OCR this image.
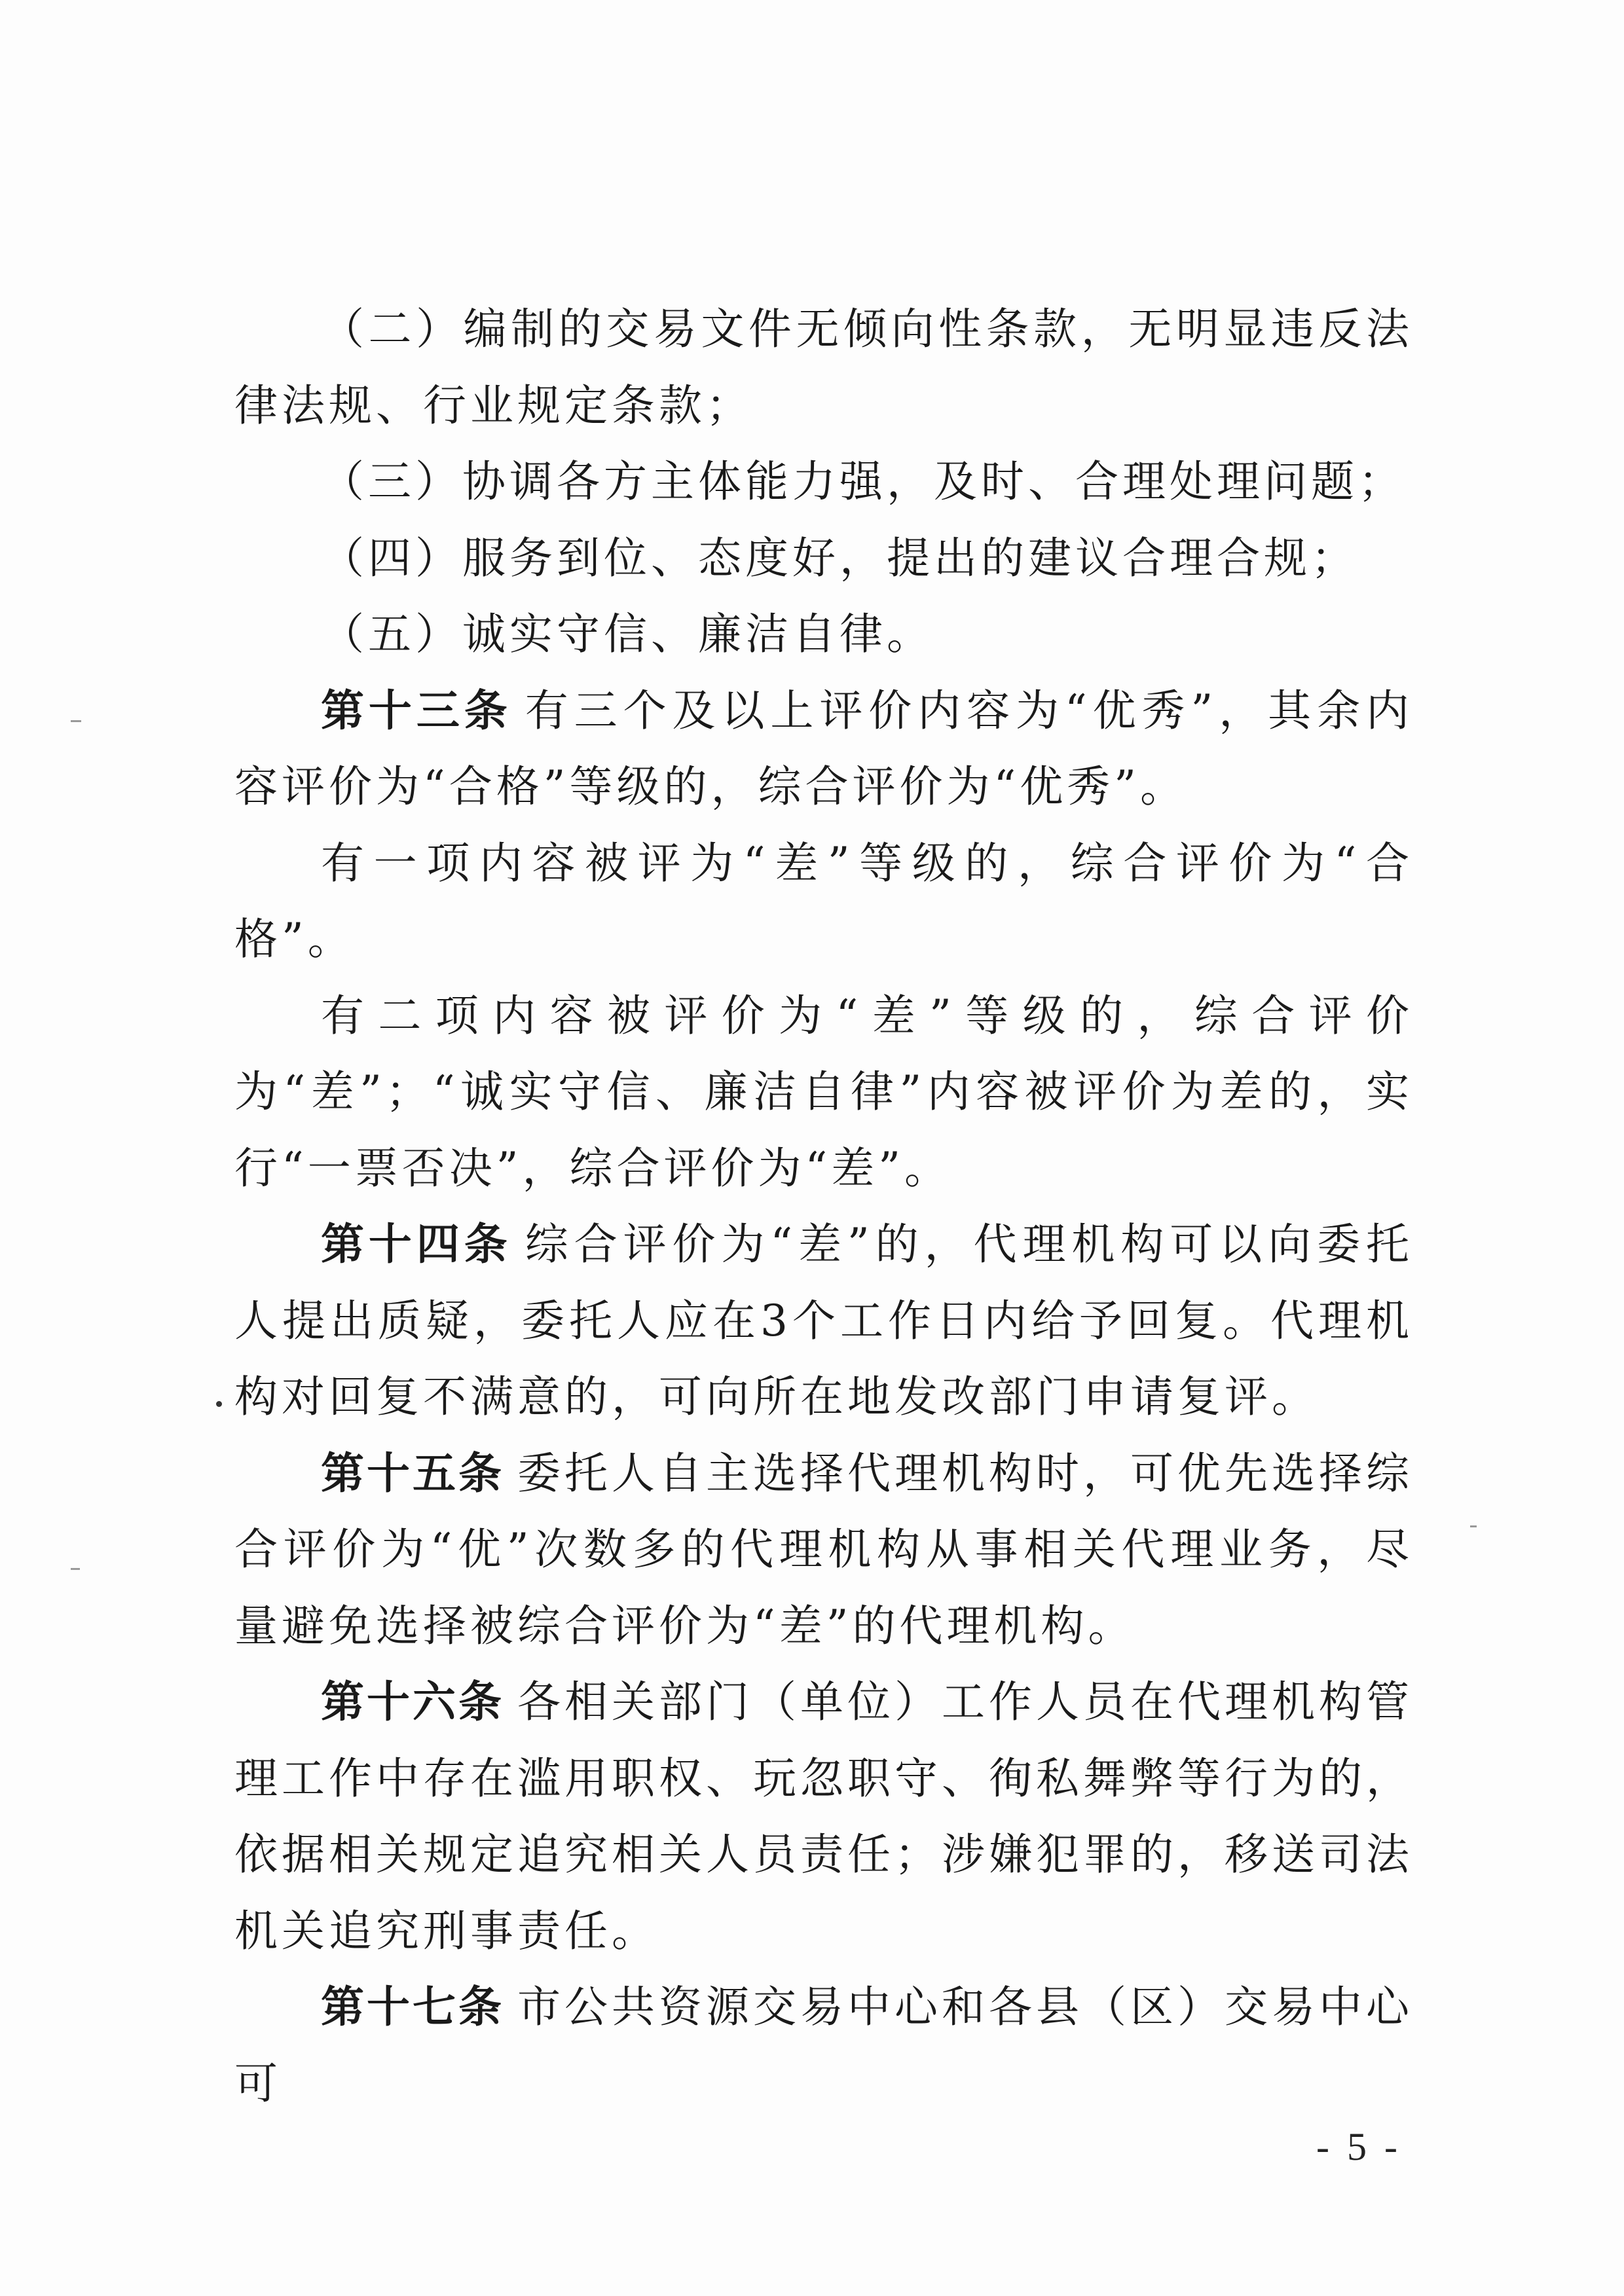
（二）编制的交易文件无倾向性条款，无明显违反法律法规、行业规定条款；

（三）协调各方主体能力强，及时、合理处理问题；

（四）服务到位、态度好，提出的建议合理合规；

（五）诚实守信、廉洁自律。

第十三条 有三个及以上评价内容为“优秀”，其余内容评价为“合格”等级的，综合评价为“优秀”。

有一项内容被评为“差”等级的，综合评价为“合格”。

有二项内容被评价为“差”等级的，综合评价为“差”；“诚实守信、廉洁自律”内容被评价为差的，实行“一票否决”，综合评价为“差”。

第十四条 综合评价为“差”的，代理机构可以向委托人提出质疑，委托人应在3个工作日内给予回复。代理机构对回复不满意的，可向所在地发改部门申请复评。

第十五条 委托人自主选择代理机构时，可优先选择综合评价为“优”次数多的代理机构从事相关代理业务，尽量避免选择被综合评价为“差”的代理机构。

第十六条 各相关部门（单位）工作人员在代理机构管理工作中存在滥用职权、玩忽职守、徇私舞弊等行为的，依据相关规定追究相关人员责任；涉嫌犯罪的，移送司法机关追究刑事责任。

第十七条 市公共资源交易中心和各县（区）交易中心可

- 5 -
